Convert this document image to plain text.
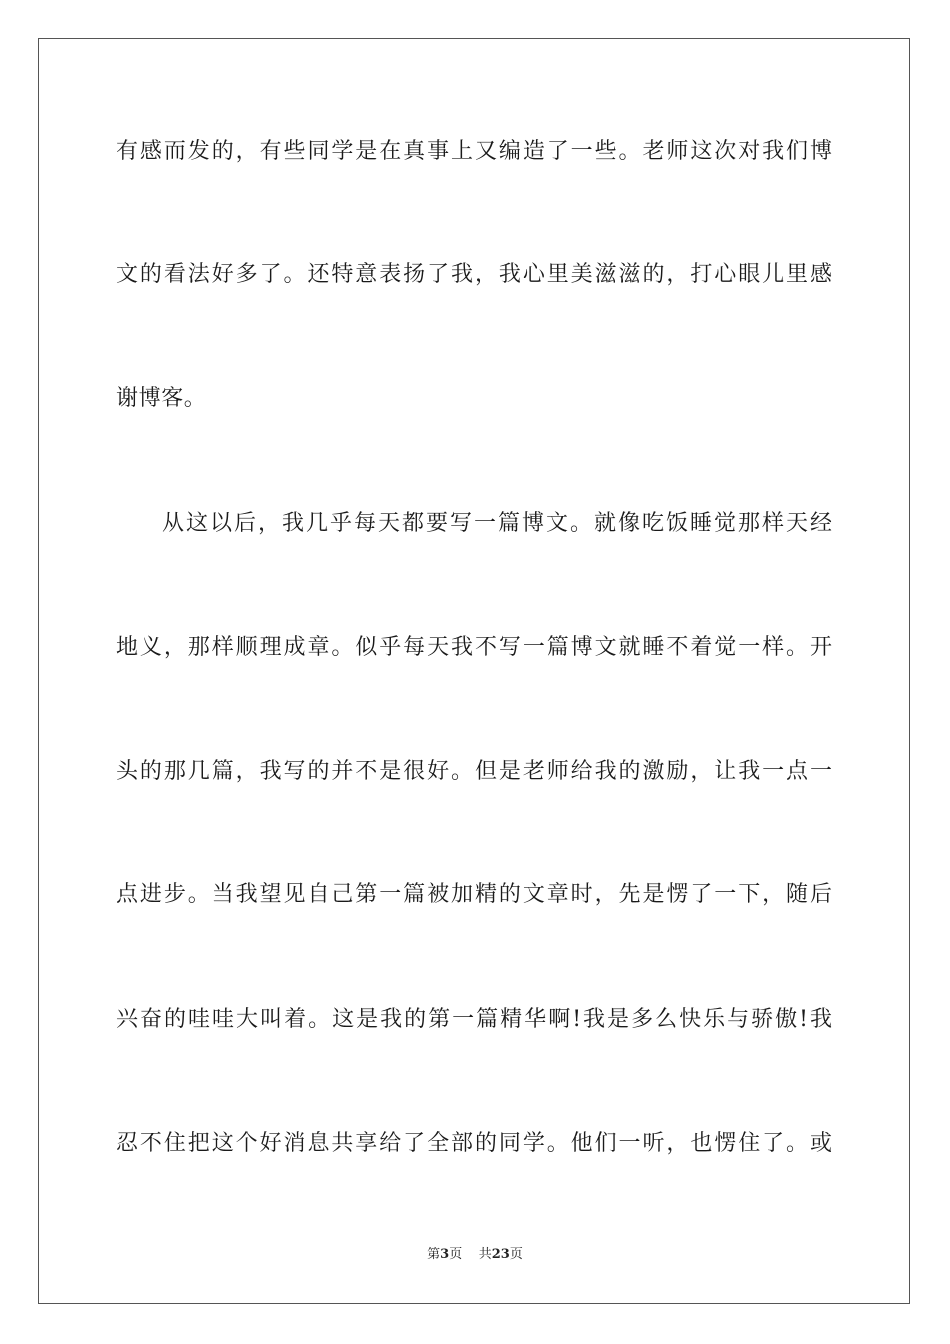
有感而发的，有些同学是在真事上又编造了一些。老师这次对我们博
文的看法好多了。还特意表扬了我，我心里美滋滋的，打心眼儿里感
谢博客。
从这以后，我几乎每天都要写一篇博文。就像吃饭睡觉那样天经
地义，那样顺理成章。似乎每天我不写一篇博文就睡不着觉一样。开
头的那几篇，我写的并不是很好。但是老师给我的激励，让我一点一
点进步。当我望见自己第一篇被加精的文章时，先是愣了一下，随后
兴奋的哇哇大叫着。这是我的第一篇精华啊!我是多么快乐与骄傲!我
忍不住把这个好消息共享给了全部的同学。他们一听，也愣住了。或
第3页 共23页
